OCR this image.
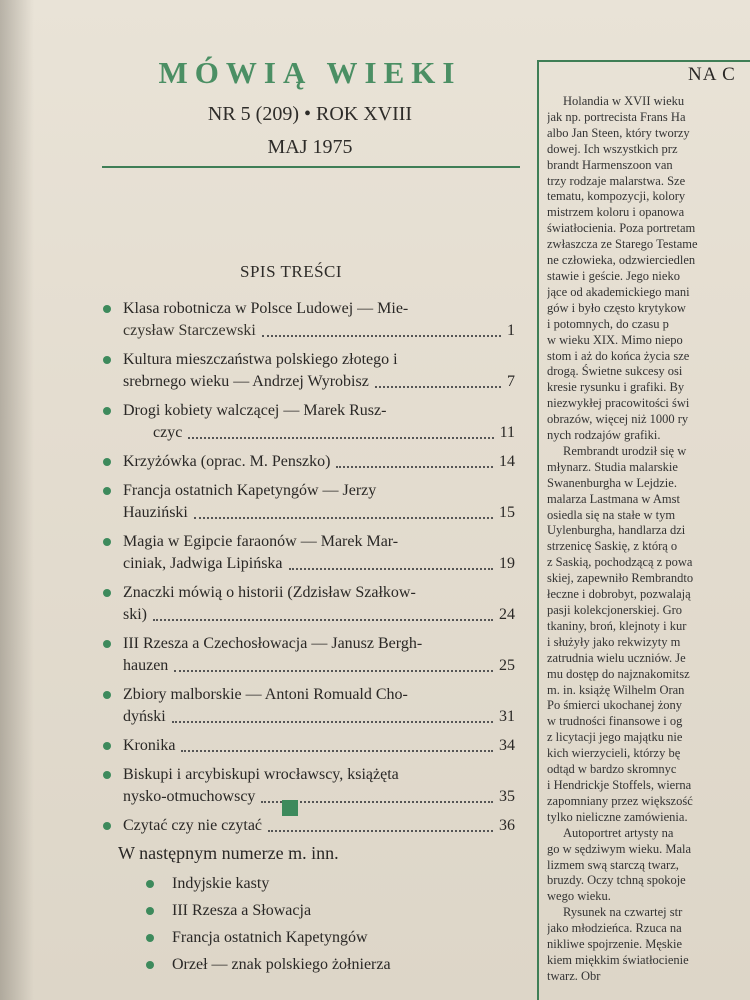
MÓWIĄ WIEKI
NR 5 (209) • ROK XVIII
MAJ 1975
SPIS TREŚCI
Klasa robotnicza w Polsce Ludowej — Mie-
czysław Starczewski	1
Kultura mieszczaństwa polskiego złotego i
srebrnego wieku — Andrzej Wyrobisz	7
Drogi kobiety walczącej — Marek Rusz-
czyc	11
Krzyżówka (oprac. M. Penszko)	14
Francja ostatnich Kapetyngów — Jerzy
Hauziński	15
Magia w Egipcie faraonów — Marek Mar-
ciniak, Jadwiga Lipińska	19
Znaczki mówią o historii (Zdzisław Szałkow-
ski)	24
III Rzesza a Czechosłowacja — Janusz Bergh-
hauzen	25
Zbiory malborskie — Antoni Romuald Cho-
dyński	31
Kronika	34
Biskupi i arcybiskupi wrocławscy, książęta
nysko-otmuchowscy	35
Czytać czy nie czytać	36
W następnym numerze m. inn.
Indyjskie kasty
III Rzesza a Słowacja
Francja ostatnich Kapetyngów
Orzeł — znak polskiego żołnierza
NA C
Holandia w XVII wieku
jak np. portrecista Frans Ha
albo Jan Steen, który tworzy
dowej. Ich wszystkich prz
brandt Harmenszoon van
trzy rodzaje malarstwa. Sze
tematu, kompozycji, kolory
mistrzem koloru i opanowa
światłocienia. Poza portretam
zwłaszcza ze Starego Testame
ne człowieka, odzwierciedlen
stawie i geście. Jego nieko
jące od akademickiego mani
gów i było często krytykow
i potomnych, do czasu p
w wieku XIX. Mimo niepo
stom i aż do końca życia sze
drogą. Świetne sukcesy osi
kresie rysunku i grafiki. By
niezwykłej pracowitości świ
obrazów, więcej niż 1000 ry
nych rodzajów grafiki.
Rembrandt urodził się w
młynarz. Studia malarskie
Swanenburgha w Lejdzie.
malarza Lastmana w Amst
osiedla się na stałe w tym
Uylenburgha, handlarza dzi
strzenicę Saskię, z którą o
z Saskią, pochodzącą z powa
skiej, zapewniło Rembrandto
łeczne i dobrobyt, pozwalają
pasji kolekcjonerskiej. Gro
tkaniny, broń, klejnoty i kur
i służyły jako rekwizyty m
zatrudnia wielu uczniów. Je
mu dostęp do najznakomitsz
m. in. książę Wilhelm Oran
Po śmierci ukochanej żony
w trudności finansowe i og
z licytacji jego majątku nie
kich wierzycieli, którzy bę
odtąd w bardzo skromnyc
i Hendrickje Stoffels, wierna
zapomniany przez większość
tylko nieliczne zamówienia.
Autoportret artysty na
go w sędziwym wieku. Mala
lizmem swą starczą twarz,
bruzdy. Oczy tchną spokoje
wego wieku.
Rysunek na czwartej str
jako młodzieńca. Rzuca na
nikliwe spojrzenie. Męskie
kiem miękkim światłocienie
twarz. Obr
